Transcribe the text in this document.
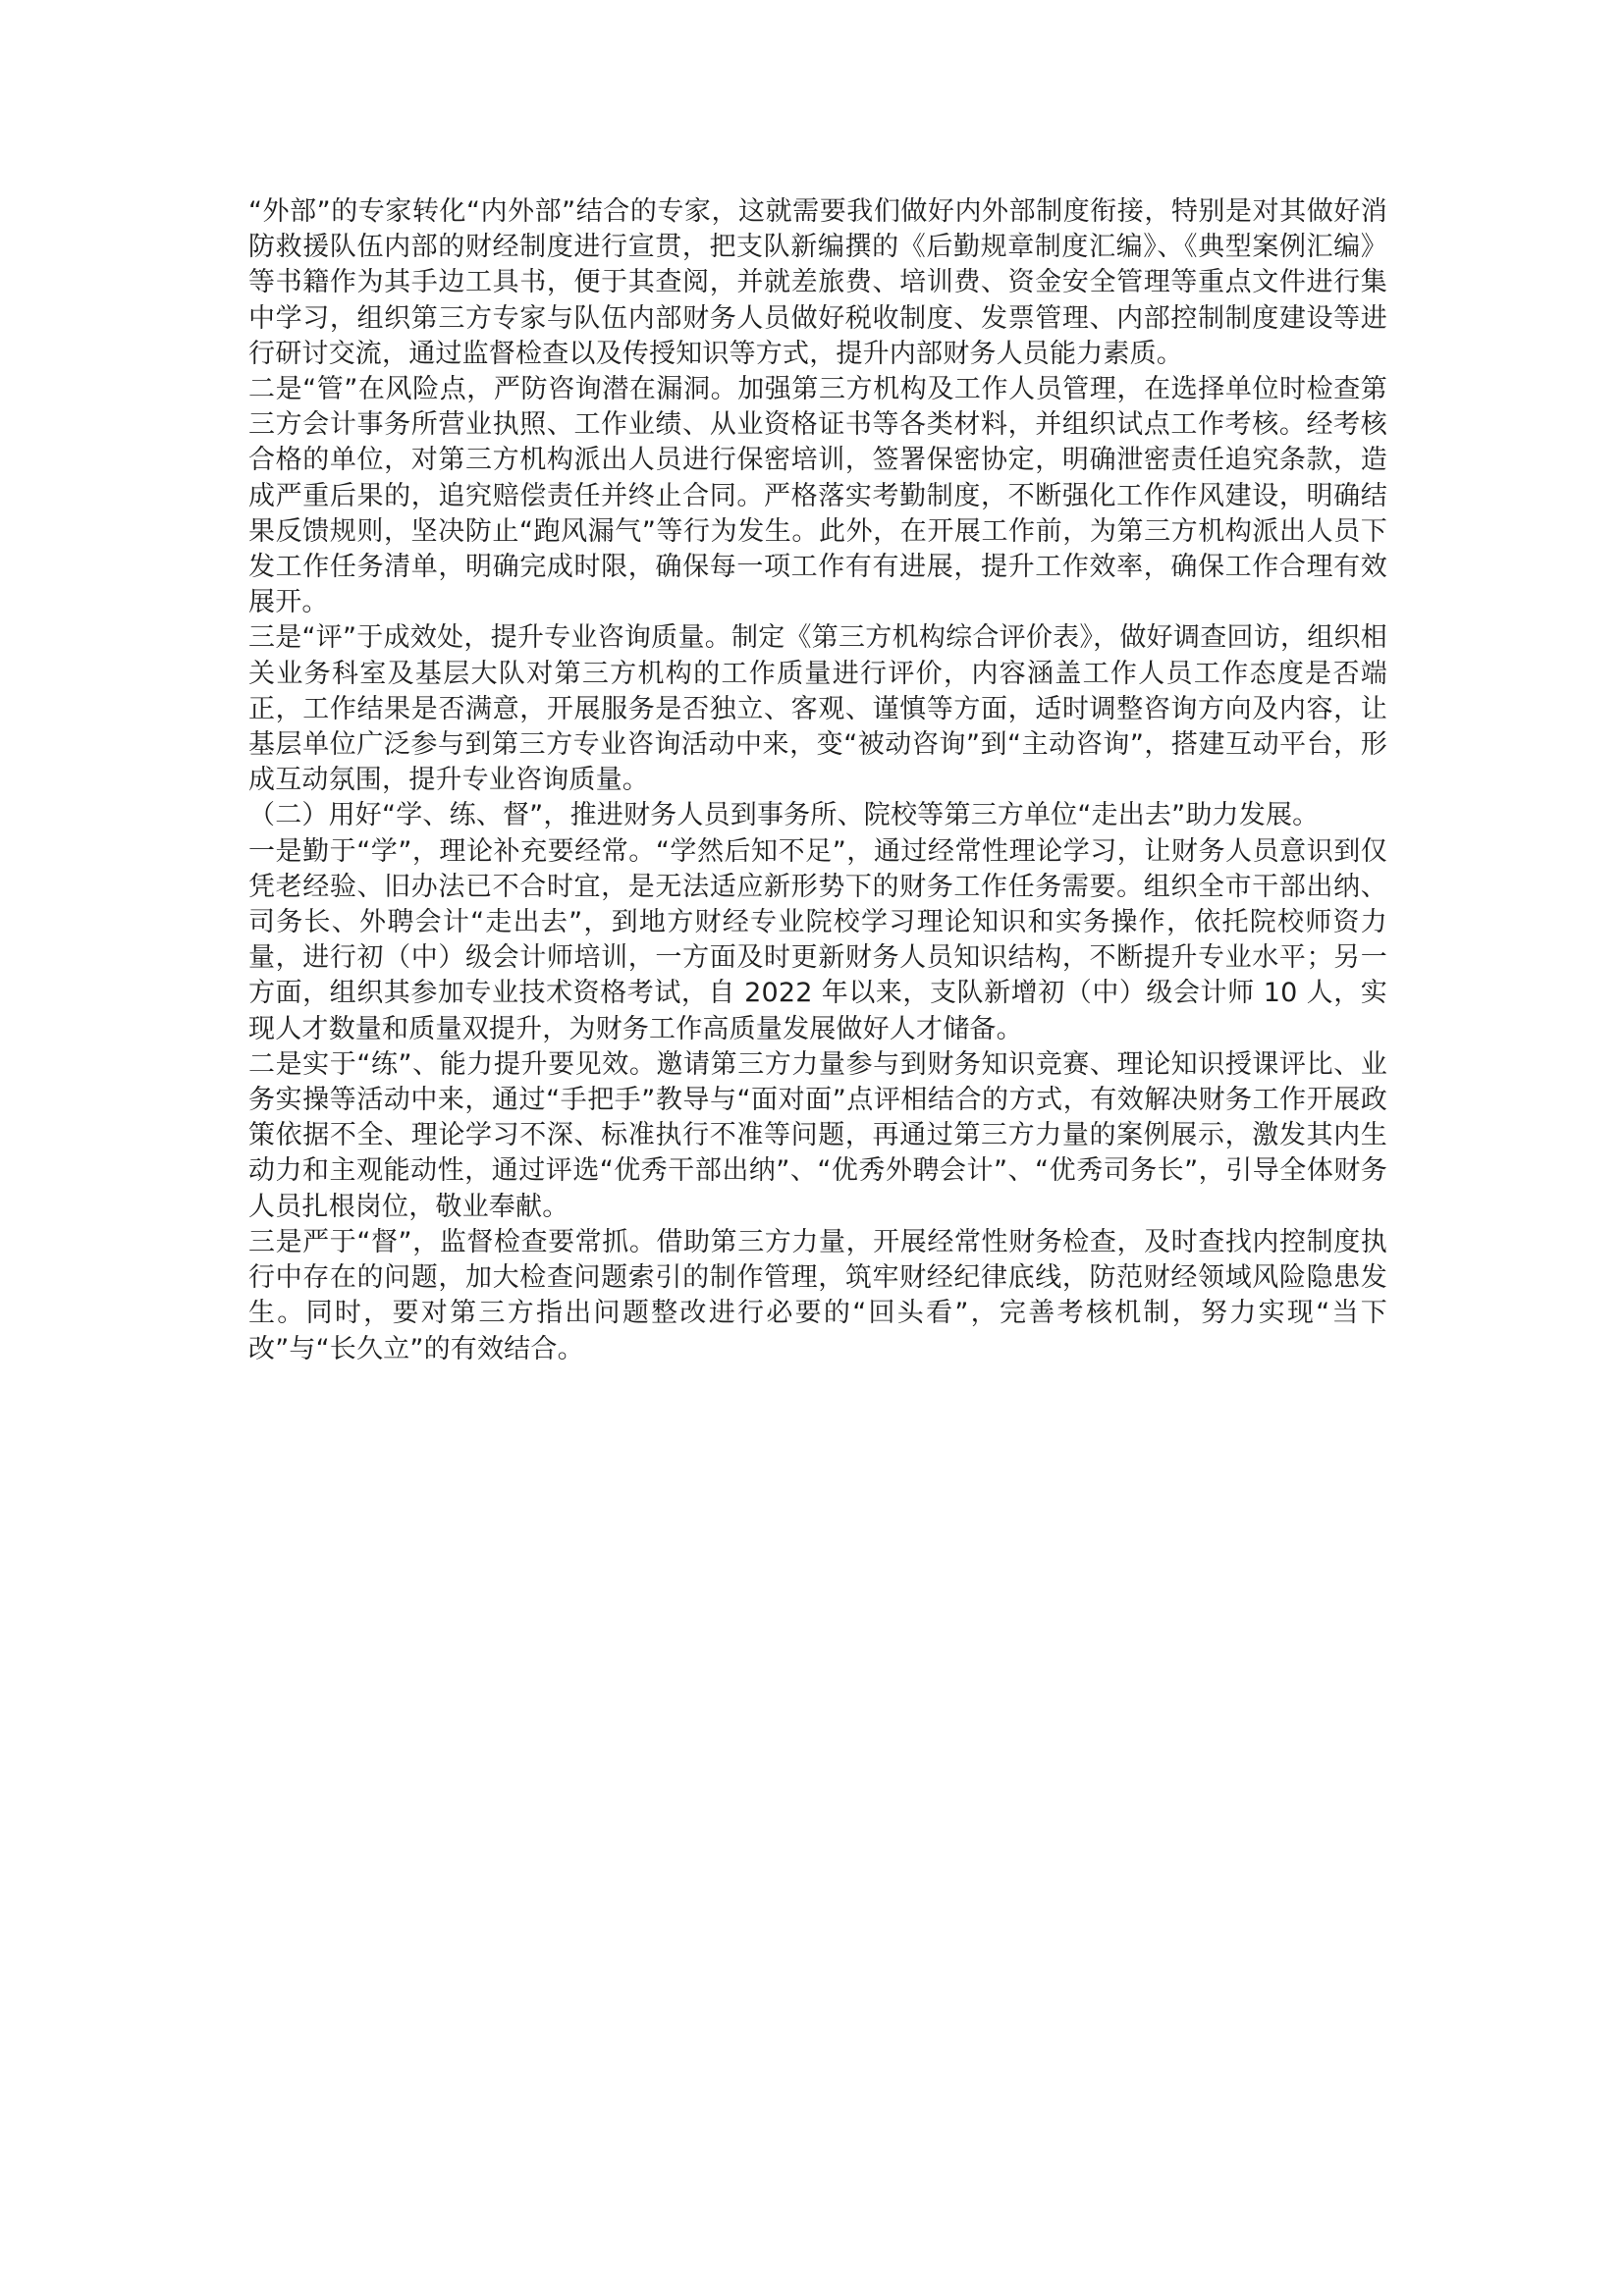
“外部”的专家转化“内外部”结合的专家，这就需要我们做好内外部制度衔接，特别是对其做好消防救援队伍内部的财经制度进行宣贯，把支队新编撰的《后勤规章制度汇编》、《典型案例汇编》等书籍作为其手边工具书，便于其查阅，并就差旅费、培训费、资金安全管理等重点文件进行集中学习，组织第三方专家与队伍内部财务人员做好税收制度、发票管理、内部控制制度建设等进行研讨交流，通过监督检查以及传授知识等方式，提升内部财务人员能力素质。

二是“管”在风险点，严防咨询潜在漏洞。加强第三方机构及工作人员管理，在选择单位时检查第三方会计事务所营业执照、工作业绩、从业资格证书等各类材料，并组织试点工作考核。经考核合格的单位，对第三方机构派出人员进行保密培训，签署保密协定，明确泄密责任追究条款，造成严重后果的，追究赔偿责任并终止合同。严格落实考勤制度，不断强化工作作风建设，明确结果反馈规则，坚决防止“跑风漏气”等行为发生。此外，在开展工作前，为第三方机构派出人员下发工作任务清单，明确完成时限，确保每一项工作有有进展，提升工作效率，确保工作合理有效展开。

三是“评”于成效处，提升专业咨询质量。制定《第三方机构综合评价表》，做好调查回访，组织相关业务科室及基层大队对第三方机构的工作质量进行评价，内容涵盖工作人员工作态度是否端正，工作结果是否满意，开展服务是否独立、客观、谨慎等方面，适时调整咨询方向及内容，让基层单位广泛参与到第三方专业咨询活动中来，变“被动咨询”到“主动咨询”，搭建互动平台，形成互动氛围，提升专业咨询质量。

（二）用好“学、练、督”，推进财务人员到事务所、院校等第三方单位“走出去”助力发展。

一是勤于“学”，理论补充要经常。“学然后知不足”，通过经常性理论学习，让财务人员意识到仅凭老经验、旧办法已不合时宜，是无法适应新形势下的财务工作任务需要。组织全市干部出纳、司务长、外聘会计“走出去”，到地方财经专业院校学习理论知识和实务操作，依托院校师资力量，进行初（中）级会计师培训，一方面及时更新财务人员知识结构，不断提升专业水平；另一方面，组织其参加专业技术资格考试，自 2022 年以来，支队新增初（中）级会计师 10 人，实现人才数量和质量双提升，为财务工作高质量发展做好人才储备。

二是实于“练”、能力提升要见效。邀请第三方力量参与到财务知识竞赛、理论知识授课评比、业务实操等活动中来，通过“手把手”教导与“面对面”点评相结合的方式，有效解决财务工作开展政策依据不全、理论学习不深、标准执行不准等问题，再通过第三方力量的案例展示，激发其内生动力和主观能动性，通过评选“优秀干部出纳”、“优秀外聘会计”、“优秀司务长”，引导全体财务人员扎根岗位，敬业奉献。

三是严于“督”，监督检查要常抓。借助第三方力量，开展经常性财务检查，及时查找内控制度执行中存在的问题，加大检查问题索引的制作管理，筑牢财经纪律底线，防范财经领域风险隐患发生。同时，要对第三方指出问题整改进行必要的“回头看”，完善考核机制，努力实现“当下改”与“长久立”的有效结合。
